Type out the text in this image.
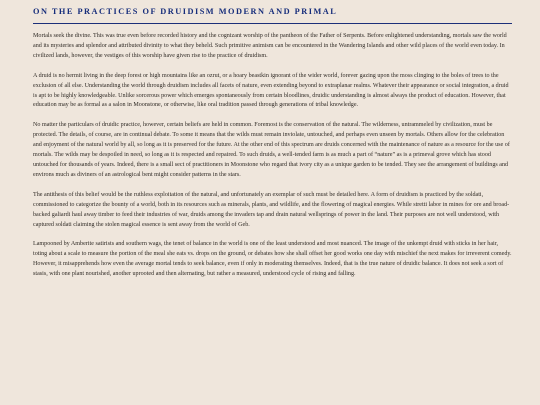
ON THE PRACTICES OF DRUIDISM MODERN AND PRIMAL

Mortals seek the divine. This was true even before recorded history and the cognizant worship of the pantheon of the Father of Serpents. Before enlightened understanding, mortals saw the world and its mysteries and splendor and attributed divinity to what they beheld. Such primitive animism can be encountered in the Wandering Islands and other wild places of the world even today. In civilized lands, however, the vestiges of this worship have given rise to the practice of druidism.

A druid is no hermit living in the deep forest or high mountains like an ozrut, or a hoary beastkin ignorant of the wider world, forever gazing upon the moss clinging to the boles of trees to the exclusion of all else. Understanding the world through druidism includes all facets of nature, even extending beyond to extraplanar realms. Whatever their appearance or social integration, a druid is apt to be highly knowledgeable. Unlike sorcerous power which emerges spontaneously from certain bloodlines, druidic understanding is almost always the product of education. However, that education may be as formal as a salon in Moonstone, or otherwise, like oral tradition passed through generations of tribal knowledge.

No matter the particulars of druidic practice, however, certain beliefs are held in common. Foremost is the conservation of the natural. The wilderness, untrammeled by civilization, must be protected. The details, of course, are in continual debate. To some it means that the wilds must remain inviolate, untouched, and perhaps even unseen by mortals. Others allow for the celebration and enjoyment of the natural world by all, so long as it is preserved for the future. At the other end of this spectrum are druids concerned with the maintenance of nature as a resource for the use of mortals. The wilds may be despoiled in need, so long as it is respected and repaired. To such druids, a well-tended farm is as much a part of “nature” as is a primeval grove which has stood untouched for thousands of years. Indeed, there is a small sect of practitioners in Moonstone who regard that ivory city as a unique garden to be tended. They see the arrangement of buildings and environs much as diviners of an astrological bent might consider patterns in the stars.

The antithesis of this belief would be the ruthless exploitation of the natural, and unfortunately an exemplar of such must be detailed here. A form of druidism is practiced by the soldati, commissioned to categorize the bounty of a world, both in its resources such as minerals, plants, and wildlife, and the flowering of magical energies. While stretti labor in mines for ore and broad-backed galiardi haul away timber to feed their industries of war, druids among the invaders tap and drain natural wellsprings of power in the land. Their purposes are not well understood, with captured soldati claiming the stolen magical essence is sent away from the world of Geb.

Lampooned by Amberite satirists and southern wags, the tenet of balance in the world is one of the least understood and most nuanced. The image of the unkempt druid with sticks in her hair, toting about a scale to measure the portion of the meal she eats vs. drops on the ground, or debates how she shall offset her good works one day with mischief the next makes for irreverent comedy. However, it misapprehends how even the average mortal tends to seek balance, even if only in moderating themselves. Indeed, that is the true nature of druidic balance. It does not seek a sort of stasis, with one plant nourished, another uprooted and then alternating, but rather a measured, understood cycle of rising and falling.
